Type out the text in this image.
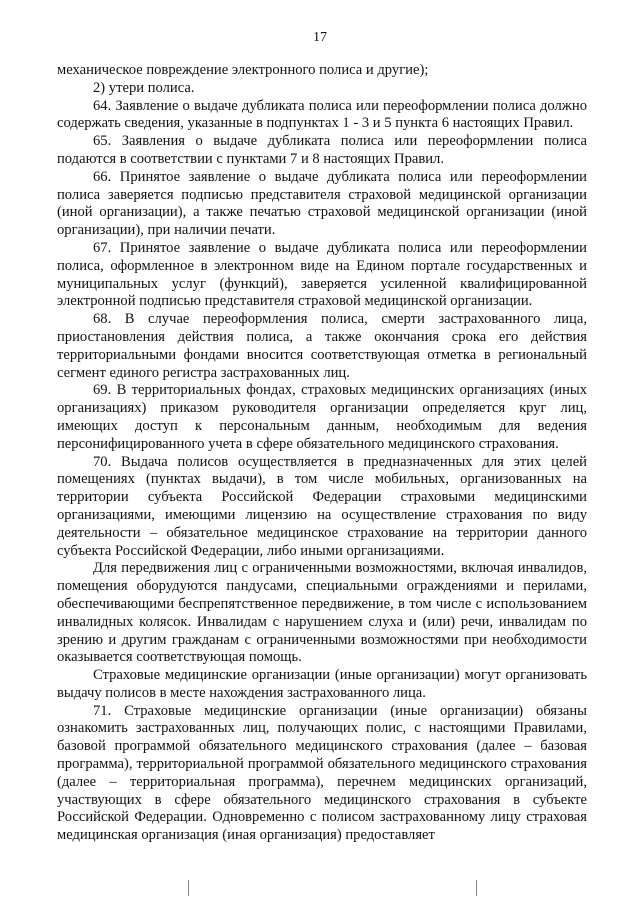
17

механическое повреждение электронного полиса и другие);

2) утери полиса.

64. Заявление о выдаче дубликата полиса или переоформлении полиса должно содержать сведения, указанные в подпунктах 1 - 3 и 5 пункта 6 настоящих Правил.

65. Заявления о выдаче дубликата полиса или переоформлении полиса подаются в соответствии с пунктами 7 и 8 настоящих Правил.

66. Принятое заявление о выдаче дубликата полиса или переоформлении полиса заверяется подписью представителя страховой медицинской организации (иной организации), а также печатью страховой медицинской организации (иной организации), при наличии печати.

67. Принятое заявление о выдаче дубликата полиса или переоформлении полиса, оформленное в электронном виде на Едином портале государственных и муниципальных услуг (функций), заверяется усиленной квалифицированной электронной подписью представителя страховой медицинской организации.

68. В случае переоформления полиса, смерти застрахованного лица, приостановления действия полиса, а также окончания срока его действия территориальными фондами вносится соответствующая отметка в региональный сегмент единого регистра застрахованных лиц.

69. В территориальных фондах, страховых медицинских организациях (иных организациях) приказом руководителя организации определяется круг лиц, имеющих доступ к персональным данным, необходимым для ведения персонифицированного учета в сфере обязательного медицинского страхования.

70. Выдача полисов осуществляется в предназначенных для этих целей помещениях (пунктах выдачи), в том числе мобильных, организованных на территории субъекта Российской Федерации страховыми медицинскими организациями, имеющими лицензию на осуществление страхования по виду деятельности – обязательное медицинское страхование на территории данного субъекта Российской Федерации, либо иными организациями.

Для передвижения лиц с ограниченными возможностями, включая инвалидов, помещения оборудуются пандусами, специальными ограждениями и перилами, обеспечивающими беспрепятственное передвижение, в том числе с использованием инвалидных колясок. Инвалидам с нарушением слуха и (или) речи, инвалидам по зрению и другим гражданам с ограниченными возможностями при необходимости оказывается соответствующая помощь.

Страховые медицинские организации (иные организации) могут организовать выдачу полисов в месте нахождения застрахованного лица.

71. Страховые медицинские организации (иные организации) обязаны ознакомить застрахованных лиц, получающих полис, с настоящими Правилами, базовой программой обязательного медицинского страхования (далее – базовая программа), территориальной программой обязательного медицинского страхования (далее – территориальная программа), перечнем медицинских организаций, участвующих в сфере обязательного медицинского страхования в субъекте Российской Федерации. Одновременно с полисом застрахованному лицу страховая медицинская организация (иная организация) предоставляет
